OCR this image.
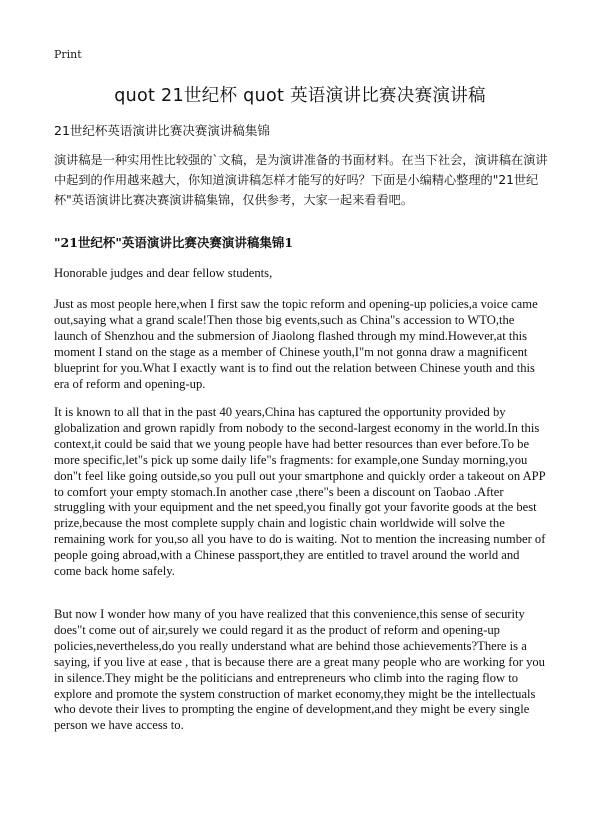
Print
quot 21世纪杯 quot 英语演讲比赛决赛演讲稿
21世纪杯英语演讲比赛决赛演讲稿集锦

演讲稿是一种实用性比较强的`文稿，是为演讲准备的书面材料。在当下社会，演讲稿在演讲中起到的作用越来越大，你知道演讲稿怎样才能写的好吗？下面是小编精心整理的"21世纪杯"英语演讲比赛决赛演讲稿集锦，仅供参考，大家一起来看看吧。

"21世纪杯"英语演讲比赛决赛演讲稿集锦1

Honorable judges and dear fellow students,

Just as most people here,when I first saw the topic reform and opening-up policies,a voice came out,saying what a grand scale!Then those big events,such as China"s accession to WTO,the launch of Shenzhou and the submersion of Jiaolong flashed through my mind.However,at this moment I stand on the stage as a member of Chinese youth,I"m not gonna draw a magnificent blueprint for you.What I exactly want is to find out the relation between Chinese youth and this era of reform and opening-up.

It is known to all that in the past 40 years,China has captured the opportunity provided by globalization and grown rapidly from nobody to the second-largest economy in the world.In this context,it could be said that we young people have had better resources than ever before.To be more specific,let"s pick up some daily life"s fragments: for example,one Sunday morning,you don"t feel like going outside,so you pull out your smartphone and quickly order a takeout on APP to comfort your empty stomach.In another case ,there"s been a discount on Taobao .After struggling with your equipment and the net speed,you finally got your favorite goods at the best prize,because the most complete supply chain and logistic chain worldwide will solve the remaining work for you,so all you have to do is waiting. Not to mention the increasing number of people going abroad,with a Chinese passport,they are entitled to travel around the world and come back home safely.

But now I wonder how many of you have realized that this convenience,this sense of security does"t come out of air,surely we could regard it as the product of reform and opening-up policies,nevertheless,do you really understand what are behind those achievements?There is a saying, if you live at ease , that is because there are a great many people who are working for you in silence.They might be the politicians and entrepreneurs who climb into the raging flow to explore and promote the system construction of market economy,they might be the intellectuals who devote their lives to prompting the engine of development,and they might be every single person we have access to.
